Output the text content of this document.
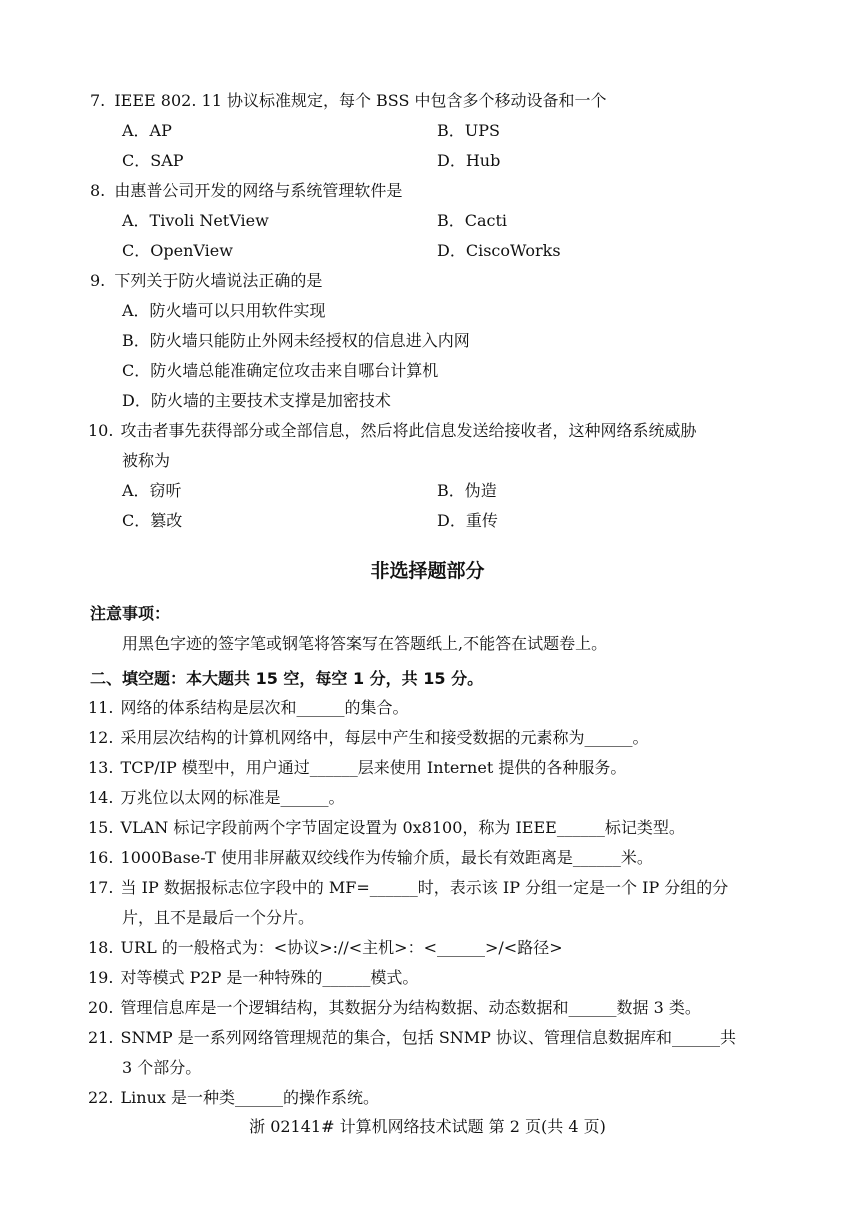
7. IEEE 802. 11 协议标准规定，每个 BSS 中包含多个移动设备和一个
A．AP	B．UPS
C．SAP	D．Hub
8. 由惠普公司开发的网络与系统管理软件是
A．Tivoli NetView	B．Cacti
C．OpenView	D．CiscoWorks
9. 下列关于防火墙说法正确的是
A．防火墙可以只用软件实现
B．防火墙只能防止外网未经授权的信息进入内网
C．防火墙总能准确定位攻击来自哪台计算机
D．防火墙的主要技术支撑是加密技术
10. 攻击者事先获得部分或全部信息，然后将此信息发送给接收者，这种网络系统威胁
被称为
A．窃听	B．伪造
C．篡改	D．重传
非选择题部分
注意事项：
用黑色字迹的签字笔或钢笔将答案写在答题纸上,不能答在试题卷上。
二、填空题：本大题共 15 空，每空 1 分，共 15 分。
11. 网络的体系结构是层次和______的集合。
12. 采用层次结构的计算机网络中，每层中产生和接受数据的元素称为______。
13. TCP/IP 模型中，用户通过______层来使用 Internet 提供的各种服务。
14. 万兆位以太网的标准是______。
15. VLAN 标记字段前两个字节固定设置为 0x8100，称为 IEEE______标记类型。
16. 1000Base-T 使用非屏蔽双绞线作为传输介质，最长有效距离是______米。
17. 当 IP 数据报标志位字段中的 MF=______时，表示该 IP 分组一定是一个 IP 分组的分
片，且不是最后一个分片。
18. URL 的一般格式为：<协议>://<主机>：<______>/<路径>
19. 对等模式 P2P 是一种特殊的______模式。
20. 管理信息库是一个逻辑结构，其数据分为结构数据、动态数据和______数据 3 类。
21. SNMP 是一系列网络管理规范的集合，包括 SNMP 协议、管理信息数据库和______共
3 个部分。
22. Linux 是一种类______的操作系统。
浙 02141# 计算机网络技术试题 第 2 页(共 4 页)
